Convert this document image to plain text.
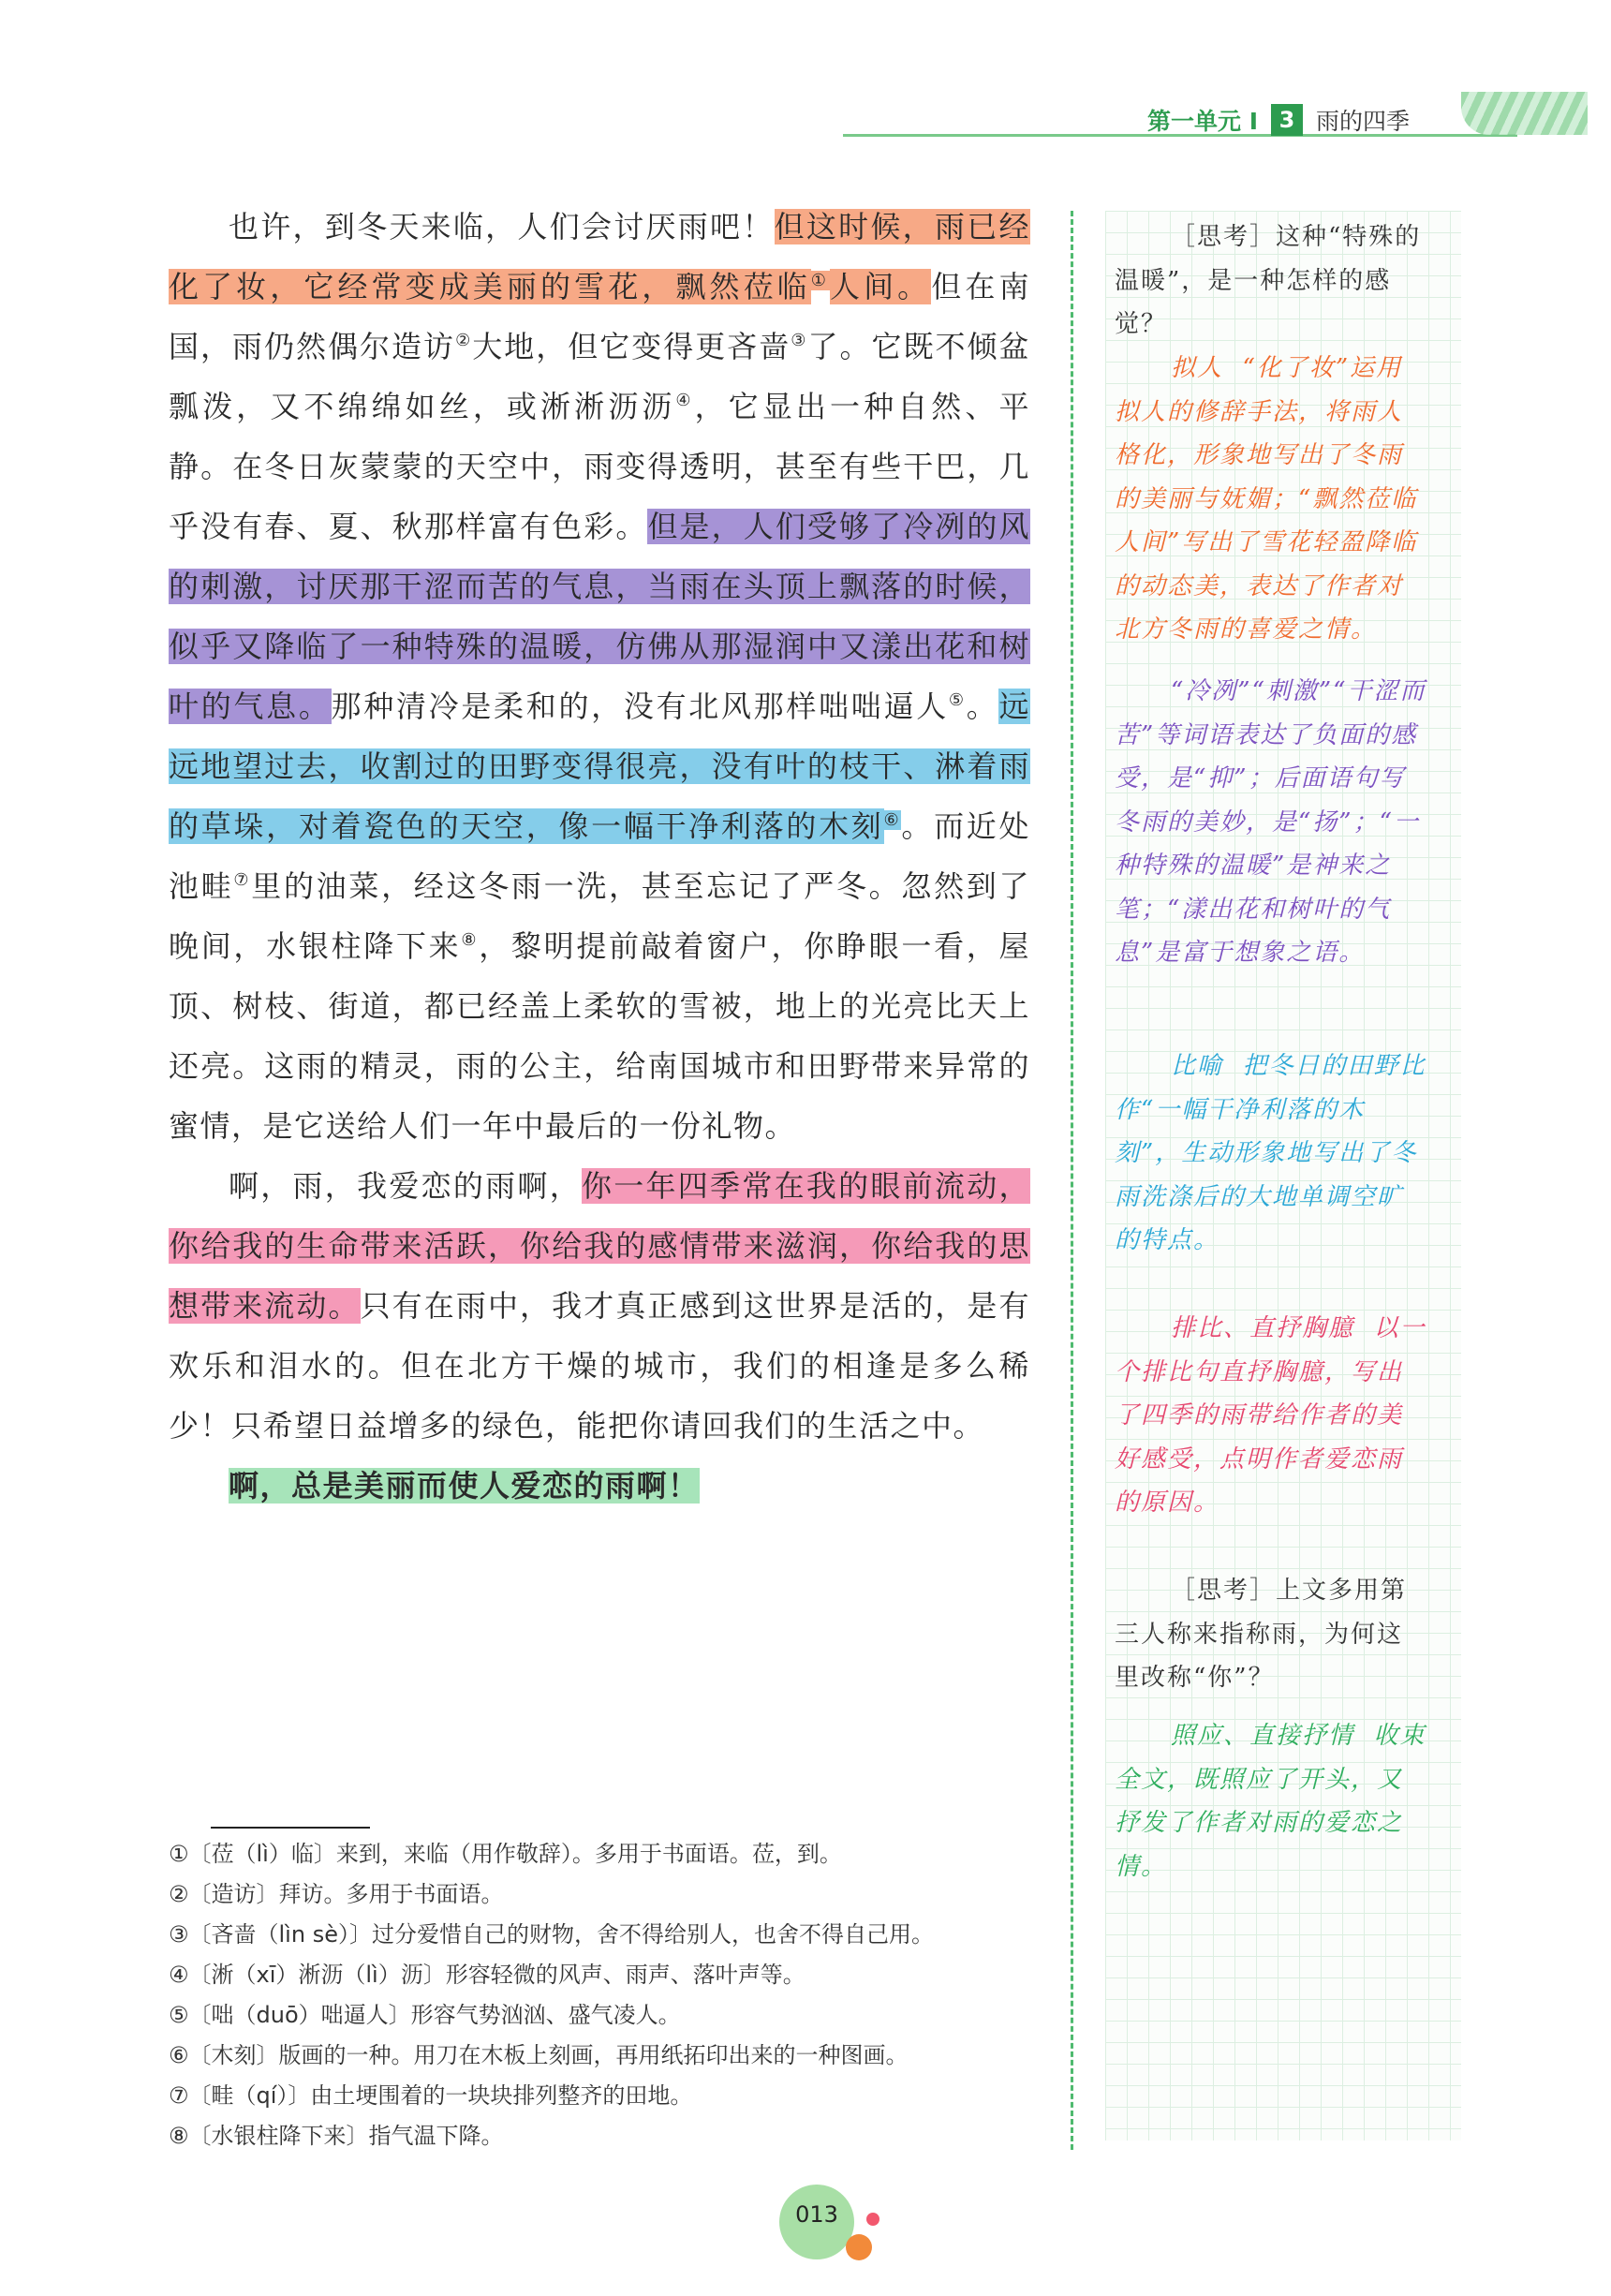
第一单元 I 3 雨的四季

也许，到冬天来临，人们会讨厌雨吧！但这时候，雨已经化了妆，它经常变成美丽的雪花，飘然莅临①人间。但在南国，雨仍然偶尔造访②大地，但它变得更吝啬③了。它既不倾盆瓢泼，又不绵绵如丝，或淅淅沥沥④，它显出一种自然、平静。在冬日灰蒙蒙的天空中，雨变得透明，甚至有些干巴，几乎没有春、夏、秋那样富有色彩。但是，人们受够了冷冽的风的刺激，讨厌那干涩而苦的气息，当雨在头顶上飘落的时候，似乎又降临了一种特殊的温暖，仿佛从那湿润中又漾出花和树叶的气息。那种清冷是柔和的，没有北风那样咄咄逼人⑤。远远地望过去，收割过的田野变得很亮，没有叶的枝干、淋着雨的草垛，对着瓷色的天空，像一幅干净利落的木刻⑥。而近处池畦⑦里的油菜，经这冬雨一洗，甚至忘记了严冬。忽然到了晚间，水银柱降下来⑧，黎明提前敲着窗户，你睁眼一看，屋顶、树枝、街道，都已经盖上柔软的雪被，地上的光亮比天上还亮。这雨的精灵，雨的公主，给南国城市和田野带来异常的蜜情，是它送给人们一年中最后的一份礼物。

啊，雨，我爱恋的雨啊，你一年四季常在我的眼前流动，你给我的生命带来活跃，你给我的感情带来滋润，你给我的思想带来流动。只有在雨中，我才真正感到这世界是活的，是有欢乐和泪水的。但在北方干燥的城市，我们的相逢是多么稀少！只希望日益增多的绿色，能把你请回我们的生活之中。

啊，总是美丽而使人爱恋的雨啊！

［思考］这种“特殊的温暖”，是一种怎样的感觉？
拟人 “化了妆”运用拟人的修辞手法，将雨人格化，形象地写出了冬雨的美丽与妩媚；“飘然莅临人间”写出了雪花轻盈降临的动态美，表达了作者对北方冬雨的喜爱之情。
“冷冽”“刺激”“干涩而苦”等词语表达了负面的感受，是“抑”；后面语句写冬雨的美妙，是“扬”；“一种特殊的温暖”是神来之笔；“漾出花和树叶的气息”是富于想象之语。
比喻 把冬日的田野比作“一幅干净利落的木刻”，生动形象地写出了冬雨洗涤后的大地单调空旷的特点。
排比、直抒胸臆 以一个排比句直抒胸臆，写出了四季的雨带给作者的美好感受，点明作者爱恋雨的原因。
［思考］上文多用第三人称来指称雨，为何这里改称“你”？
照应、直接抒情 收束全文，既照应了开头，又抒发了作者对雨的爱恋之情。
①〔莅（lì）临〕来到，来临（用作敬辞）。多用于书面语。莅，到。
②〔造访〕拜访。多用于书面语。
③〔吝啬（lìn sè）〕过分爱惜自己的财物，舍不得给别人，也舍不得自己用。
④〔淅（xī）淅沥（lì）沥〕形容轻微的风声、雨声、落叶声等。
⑤〔咄（duō）咄逼人〕形容气势汹汹、盛气凌人。
⑥〔木刻〕版画的一种。用刀在木板上刻画，再用纸拓印出来的一种图画。
⑦〔畦（qí）〕由土埂围着的一块块排列整齐的田地。
⑧〔水银柱降下来〕指气温下降。
013
